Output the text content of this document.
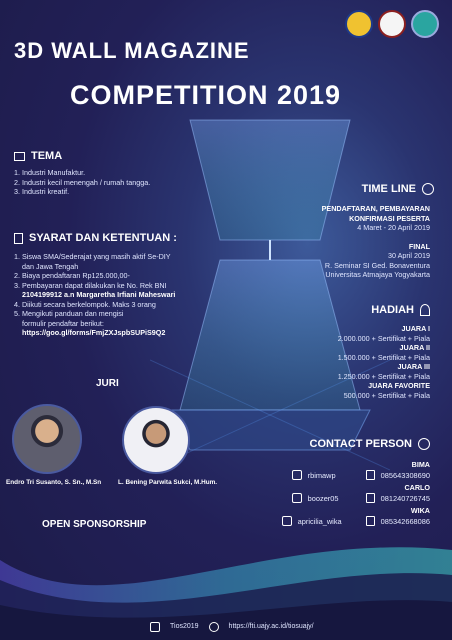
3D WALL MAGAZINE
COMPETITION 2019
TEMA
1. Industri Manufaktur.
2. Industri kecil menengah / rumah tangga.
3. Industri kreatif.
SYARAT DAN KETENTUAN :
1. Siswa SMA/Sederajat yang masih aktif Se-DIY
dan Jawa Tengah
2. Biaya pendaftaran Rp125.000,00-
3. Pembayaran dapat dilakukan ke No. Rek BNI
2104199912 a.n Margaretha Irfiani Maheswari
4. Diikuti secara berkelompok. Maks 3 orang
5. Mengikuti panduan dan mengisi
formulir pendaftar berikut:
https://goo.gl/forms/FmjZXJspbSUPiS9Q2
TIME LINE
PENDAFTARAN, PEMBAYARAN
KONFIRMASI PESERTA
4 Maret - 20 April 2019
FINAL
30 April 2019
R. Seminar SI Ged. Bonaventura
Universitas Atmajaya Yogyakarta
HADIAH
JUARA I
2.000.000 + Sertifikat + Piala
JUARA II
1.500.000 + Sertifikat + Piala
JUARA III
1.250.000 + Sertifikat + Piala
JUARA FAVORITE
500.000 + Sertifikat + Piala
JURI
Endro Tri Susanto, S. Sn., M.Sn	L. Bening Parwita Sukci, M.Hum.
OPEN SPONSORSHIP
CONTACT PERSON
BIMA
rbimawp	085643308690
CARLO
boozer05	081240726745
WIKA
apricilia_wika	085342668086
Tios2019	https://fti.uajy.ac.id/tiosuajy/
